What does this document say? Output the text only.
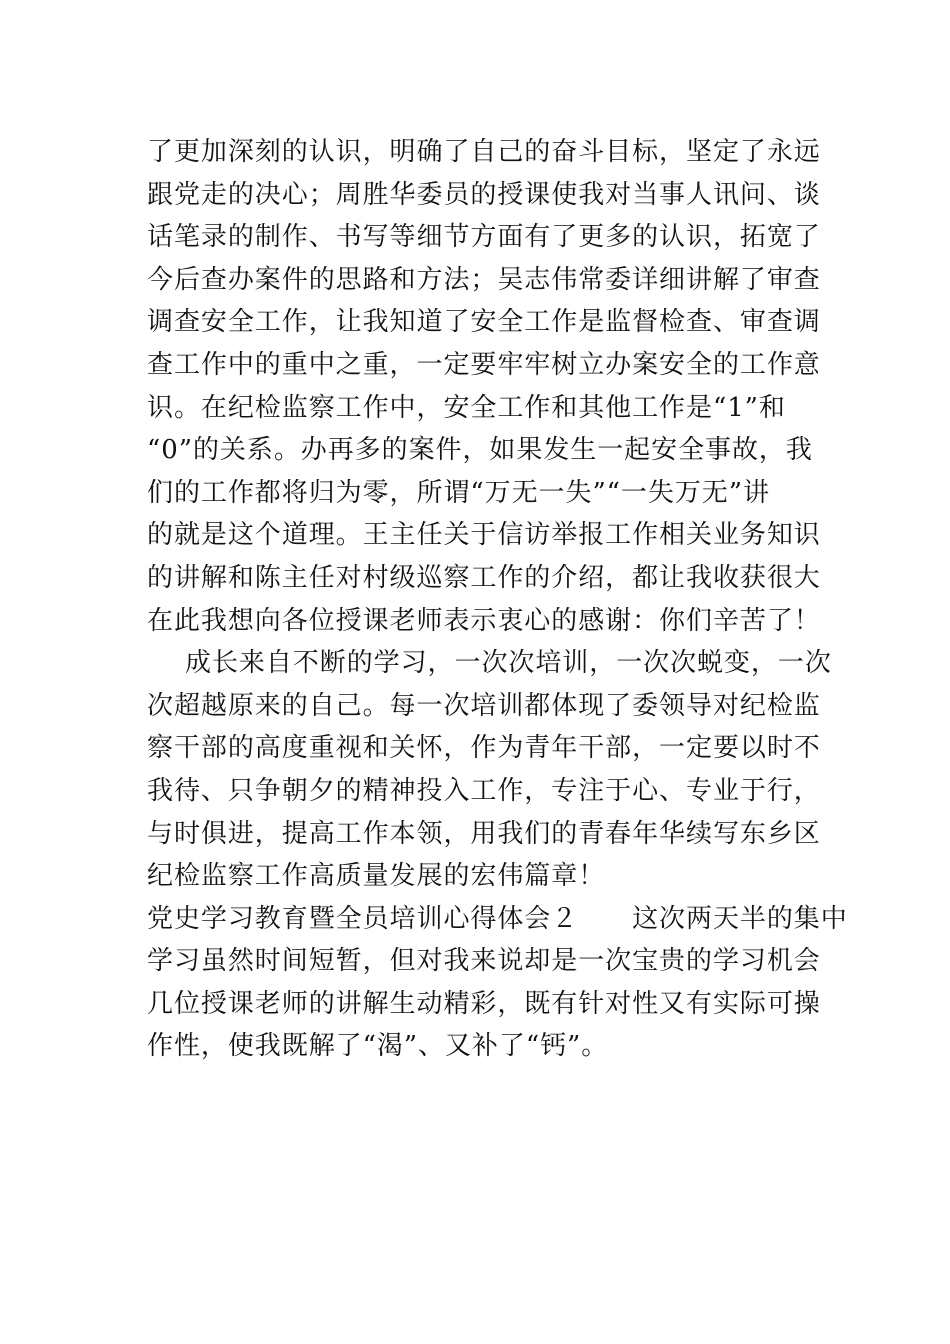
了更加深刻的认识，明确了自己的奋斗目标，坚定了永远
跟党走的决心；周胜华委员的授课使我对当事人讯问、谈
话笔录的制作、书写等细节方面有了更多的认识，拓宽了
今后查办案件的思路和方法；吴志伟常委详细讲解了审查
调查安全工作，让我知道了安全工作是监督检查、审查调
查工作中的重中之重，一定要牢牢树立办案安全的工作意
识。在纪检监察工作中，安全工作和其他工作是“1”和
“0”的关系。办再多的案件，如果发生一起安全事故，我
们的工作都将归为零，所谓“万无一失”“一失万无”讲
的就是这个道理。王主任关于信访举报工作相关业务知识
的讲解和陈主任对村级巡察工作的介绍，都让我收获很大
在此我想向各位授课老师表示衷心的感谢：你们辛苦了！
成长来自不断的学习，一次次培训，一次次蜕变，一次
次超越原来的自己。每一次培训都体现了委领导对纪检监
察干部的高度重视和关怀，作为青年干部，一定要以时不
我待、只争朝夕的精神投入工作，专注于心、专业于行，
与时俱进，提高工作本领，用我们的青春年华续写东乡区
纪检监察工作高质量发展的宏伟篇章！
党史学习教育暨全员培训心得体会２　　这次两天半的集中
学习虽然时间短暂，但对我来说却是一次宝贵的学习机会
几位授课老师的讲解生动精彩，既有针对性又有实际可操
作性，使我既解了“渴”、又补了“钙”。
